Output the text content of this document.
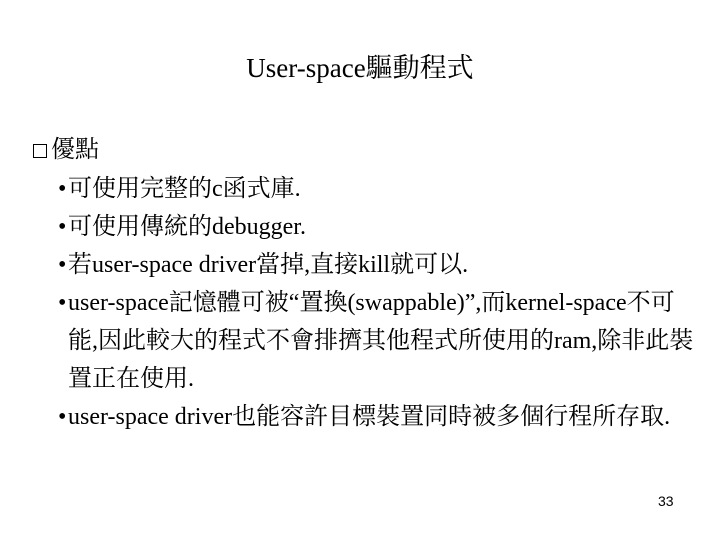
User-space驅動程式
優點
• 可使用完整的c函式庫.
• 可使用傳統的debugger.
• 若user-space driver當掉,直接kill就可以.
• user-space記憶體可被“置換(swappable)”,而kernel-space不可能,因此較大的程式不會排擠其他程式所使用的ram,除非此裝置正在使用.
• user-space driver也能容許目標裝置同時被多個行程所存取.
33
